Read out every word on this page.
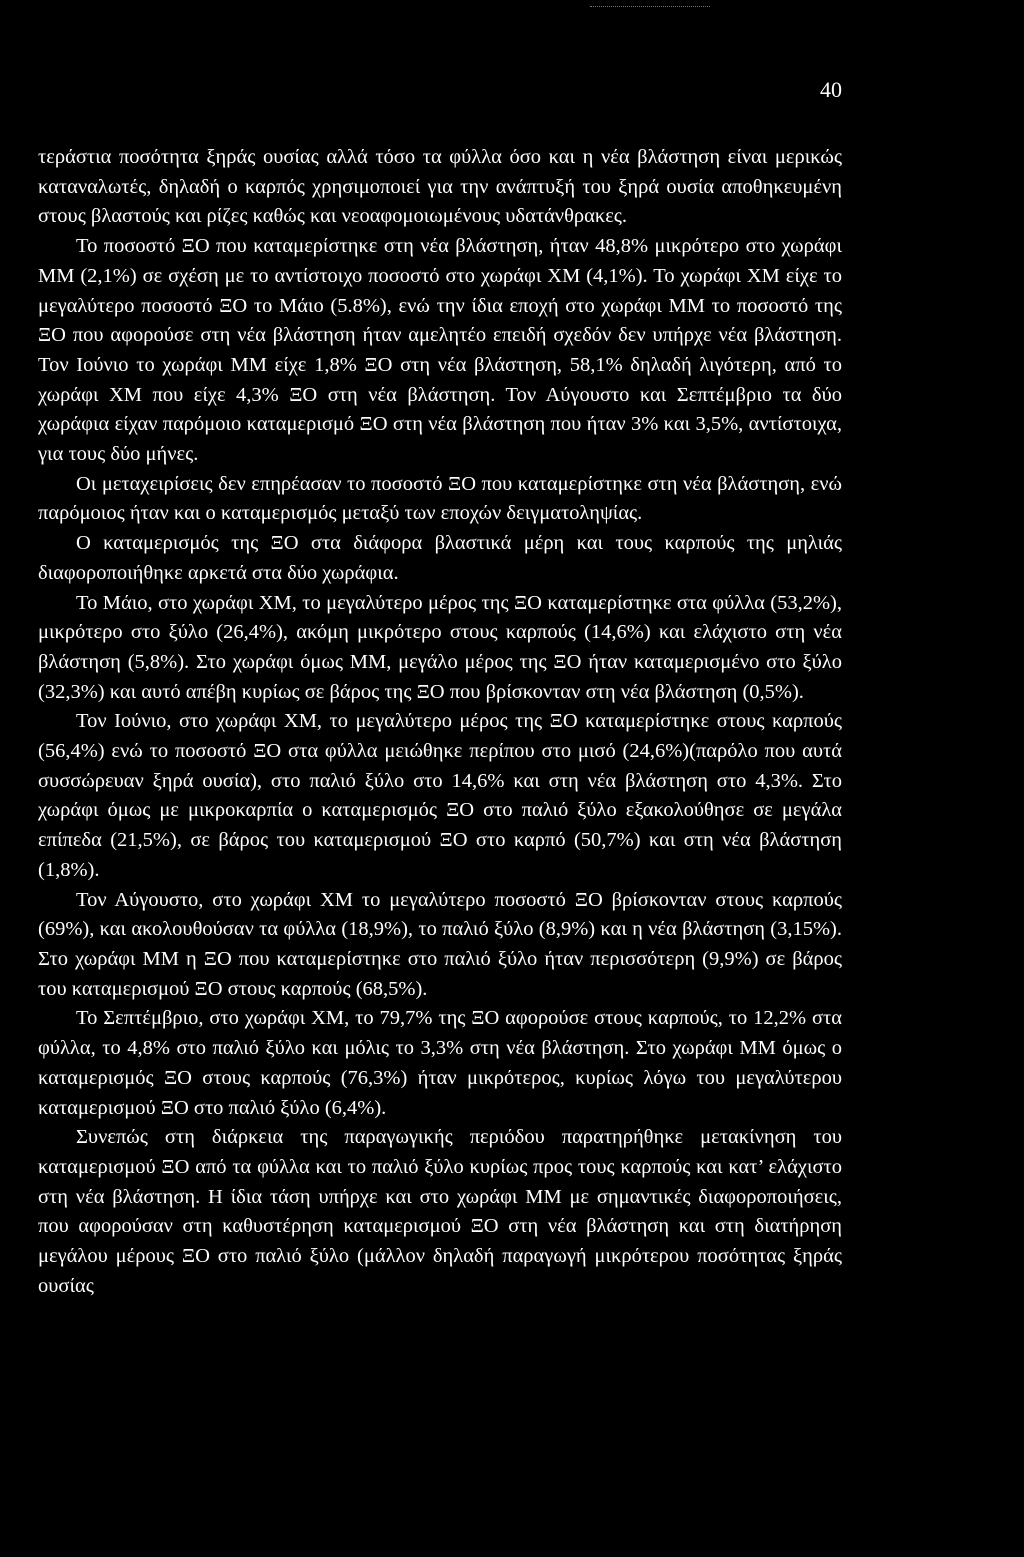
40

τεράστια ποσότητα ξηράς ουσίας αλλά τόσο τα φύλλα όσο και η νέα βλάστηση είναι μερικώς καταναλωτές, δηλαδή ο καρπός χρησιμοποιεί για την ανάπτυξή του ξηρά ουσία αποθηκευμένη στους βλαστούς και ρίζες καθώς και νεοαφομοιωμένους υδατάνθρακες.

Το ποσοστό ΞΟ που καταμερίστηκε στη νέα βλάστηση, ήταν 48,8% μικρότερο στο χωράφι ΜΜ (2,1%) σε σχέση με το αντίστοιχο ποσοστό στο χωράφι ΧΜ (4,1%). Το χωράφι ΧΜ είχε το μεγαλύτερο ποσοστό ΞΟ το Μάιο (5.8%), ενώ την ίδια εποχή στο χωράφι ΜΜ το ποσοστό της ΞΟ που αφορούσε στη νέα βλάστηση ήταν αμελητέο επειδή σχεδόν δεν υπήρχε νέα βλάστηση. Τον Ιούνιο το χωράφι ΜΜ είχε 1,8% ΞΟ στη νέα βλάστηση, 58,1% δηλαδή λιγότερη, από το χωράφι ΧΜ που είχε 4,3% ΞΟ στη νέα βλάστηση. Τον Αύγουστο και Σεπτέμβριο τα δύο χωράφια είχαν παρόμοιο καταμερισμό ΞΟ στη νέα βλάστηση που ήταν 3% και 3,5%, αντίστοιχα, για τους δύο μήνες.

Οι μεταχειρίσεις δεν επηρέασαν το ποσοστό ΞΟ που καταμερίστηκε στη νέα βλάστηση, ενώ παρόμοιος ήταν και ο καταμερισμός μεταξύ των εποχών δειγματοληψίας.

Ο καταμερισμός της ΞΟ στα διάφορα βλαστικά μέρη και τους καρπούς της μηλιάς διαφοροποιήθηκε αρκετά στα δύο χωράφια.

Το Μάιο, στο χωράφι ΧΜ, το μεγαλύτερο μέρος της ΞΟ καταμερίστηκε στα φύλλα (53,2%), μικρότερο στο ξύλο (26,4%), ακόμη μικρότερο στους καρπούς (14,6%) και ελάχιστο στη νέα βλάστηση (5,8%). Στο χωράφι όμως ΜΜ, μεγάλο μέρος της ΞΟ ήταν καταμερισμένο στο ξύλο (32,3%) και αυτό απέβη κυρίως σε βάρος της ΞΟ που βρίσκονταν στη νέα βλάστηση (0,5%).

Τον Ιούνιο, στο χωράφι ΧΜ, το μεγαλύτερο μέρος της ΞΟ καταμερίστηκε στους καρπούς (56,4%) ενώ το ποσοστό ΞΟ στα φύλλα μειώθηκε περίπου στο μισό (24,6%)(παρόλο που αυτά συσσώρευαν ξηρά ουσία), στο παλιό ξύλο στο 14,6% και στη νέα βλάστηση στο 4,3%. Στο χωράφι όμως με μικροκαρπία ο καταμερισμός ΞΟ στο παλιό ξύλο εξακολούθησε σε μεγάλα επίπεδα (21,5%), σε βάρος του καταμερισμού ΞΟ στο καρπό (50,7%) και στη νέα βλάστηση (1,8%).

Τον Αύγουστο, στο χωράφι ΧΜ το μεγαλύτερο ποσοστό ΞΟ βρίσκονταν στους καρπούς (69%), και ακολουθούσαν τα φύλλα (18,9%), το παλιό ξύλο (8,9%) και η νέα βλάστηση (3,15%). Στο χωράφι ΜΜ η ΞΟ που καταμερίστηκε στο παλιό ξύλο ήταν περισσότερη (9,9%) σε βάρος του καταμερισμού ΞΟ στους καρπούς (68,5%).

Το Σεπτέμβριο, στο χωράφι ΧΜ, το 79,7% της ΞΟ αφορούσε στους καρπούς, το 12,2% στα φύλλα, το 4,8% στο παλιό ξύλο και μόλις το 3,3% στη νέα βλάστηση. Στο χωράφι ΜΜ όμως ο καταμερισμός ΞΟ στους καρπούς (76,3%) ήταν μικρότερος, κυρίως λόγω του μεγαλύτερου καταμερισμού ΞΟ στο παλιό ξύλο (6,4%).

Συνεπώς στη διάρκεια της παραγωγικής περιόδου παρατηρήθηκε μετακίνηση του καταμερισμού ΞΟ από τα φύλλα και το παλιό ξύλο κυρίως προς τους καρπούς και κατ’ ελάχιστο στη νέα βλάστηση. Η ίδια τάση υπήρχε και στο χωράφι ΜΜ με σημαντικές διαφοροποιήσεις, που αφορούσαν στη καθυστέρηση καταμερισμού ΞΟ στη νέα βλάστηση και στη διατήρηση μεγάλου μέρους ΞΟ στο παλιό ξύλο (μάλλον δηλαδή παραγωγή μικρότερου ποσότητας ξηράς ουσίας
